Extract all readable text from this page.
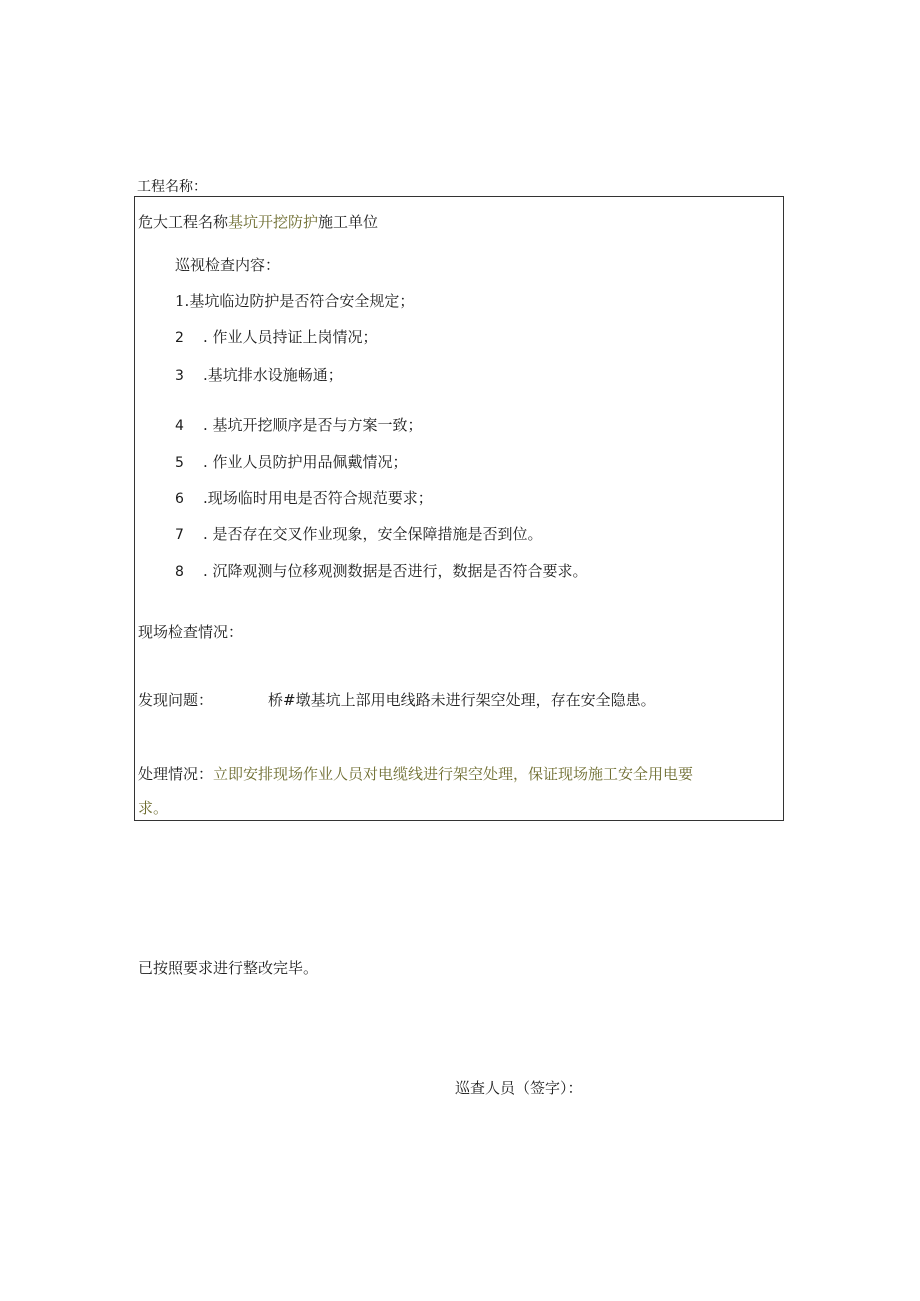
工程名称：
危大工程名称基坑开挖防护施工单位
巡视检查内容：
1.基坑临边防护是否符合安全规定；
2 . 作业人员持证上岗情况；
3 .基坑排水设施畅通；
4 . 基坑开挖顺序是否与方案一致；
5 . 作业人员防护用品佩戴情况；
6 .现场临时用电是否符合规范要求；
7 . 是否存在交叉作业现象，安全保障措施是否到位。
8 . 沉降观测与位移观测数据是否进行，数据是否符合要求。
现场检查情况：
发现问题：	桥#墩基坑上部用电线路未进行架空处理，存在安全隐患。
处理情况：立即安排现场作业人员对电缆线进行架空处理，保证现场施工安全用电要
求。
已按照要求进行整改完毕。
巡查人员（签字）：
